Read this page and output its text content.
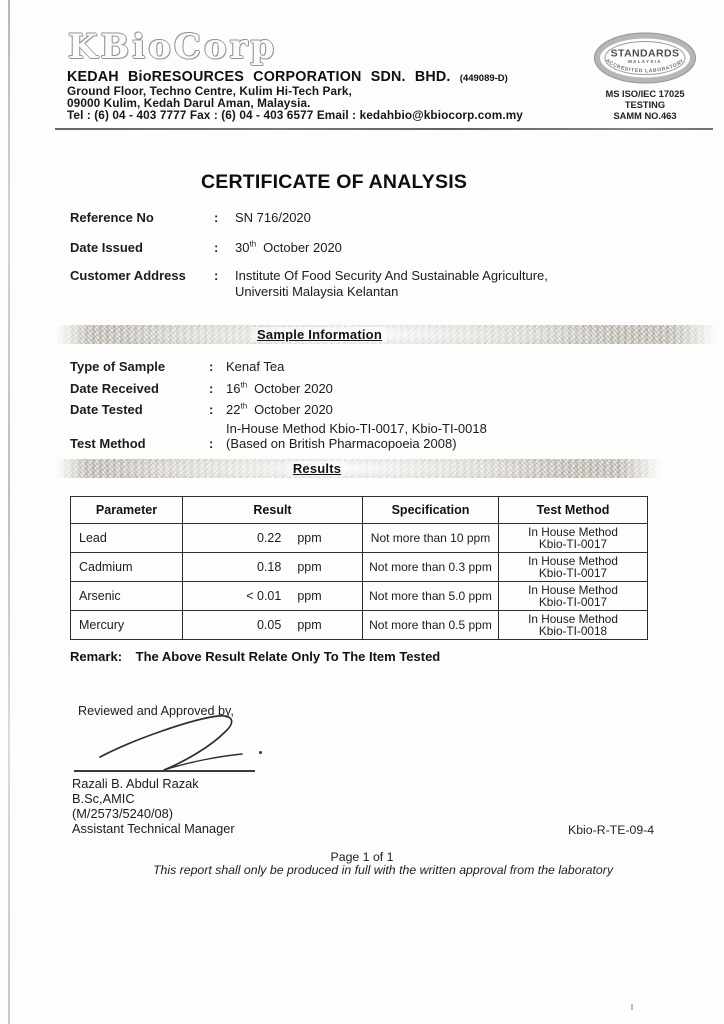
KBioCorp
KEDAH BioRESOURCES CORPORATION SDN. BHD. (449089-D)
Ground Floor, Techno Centre, Kulim Hi-Tech Park,
09000 Kulim, Kedah Darul Aman, Malaysia.
Tel : (6) 04 - 403 7777 Fax : (6) 04 - 403 6577 Email : kedahbio@kbiocorp.com.my
STANDARDS
MALAYSIA
ACCREDITED LABORATORY
MS ISO/IEC 17025
TESTING
SAMM NO.463
CERTIFICATE OF ANALYSIS
Reference No	: SN 716/2020
Date Issued	: 30th October 2020
Customer Address : Institute Of Food Security And Sustainable Agriculture,
Universiti Malaysia Kelantan
Sample Information
Type of Sample	: Kenaf Tea
Date Received	: 16th October 2020
Date Tested	: 22th October 2020
In-House Method Kbio-TI-0017, Kbio-TI-0018
Test Method	: (Based on British Pharmacopoeia 2008)
Results
Parameter	Result	Specification	Test Method
Lead	0.22 ppm	Not more than 10 ppm	In House Method
Kbio-TI-0017

Cadmium	0.18 ppm	Not more than 0.3 ppm	In House Method
Kbio-TI-0017

Arsenic	< 0.01 ppm	Not more than 5.0 ppm	In House Method
Kbio-TI-0017

Mercury	0.05 ppm	Not more than 0.5 ppm	In House Method
Kbio-TI-0018
Remark: The Above Result Relate Only To The Item Tested
Reviewed and Approved by,
Razali B. Abdul Razak
B.Sc,AMIC
(M/2573/5240/08)
Assistant Technical Manager	Kbio-R-TE-09-4
Page 1 of 1
This report shall only be produced in full with the written approval from the laboratory
